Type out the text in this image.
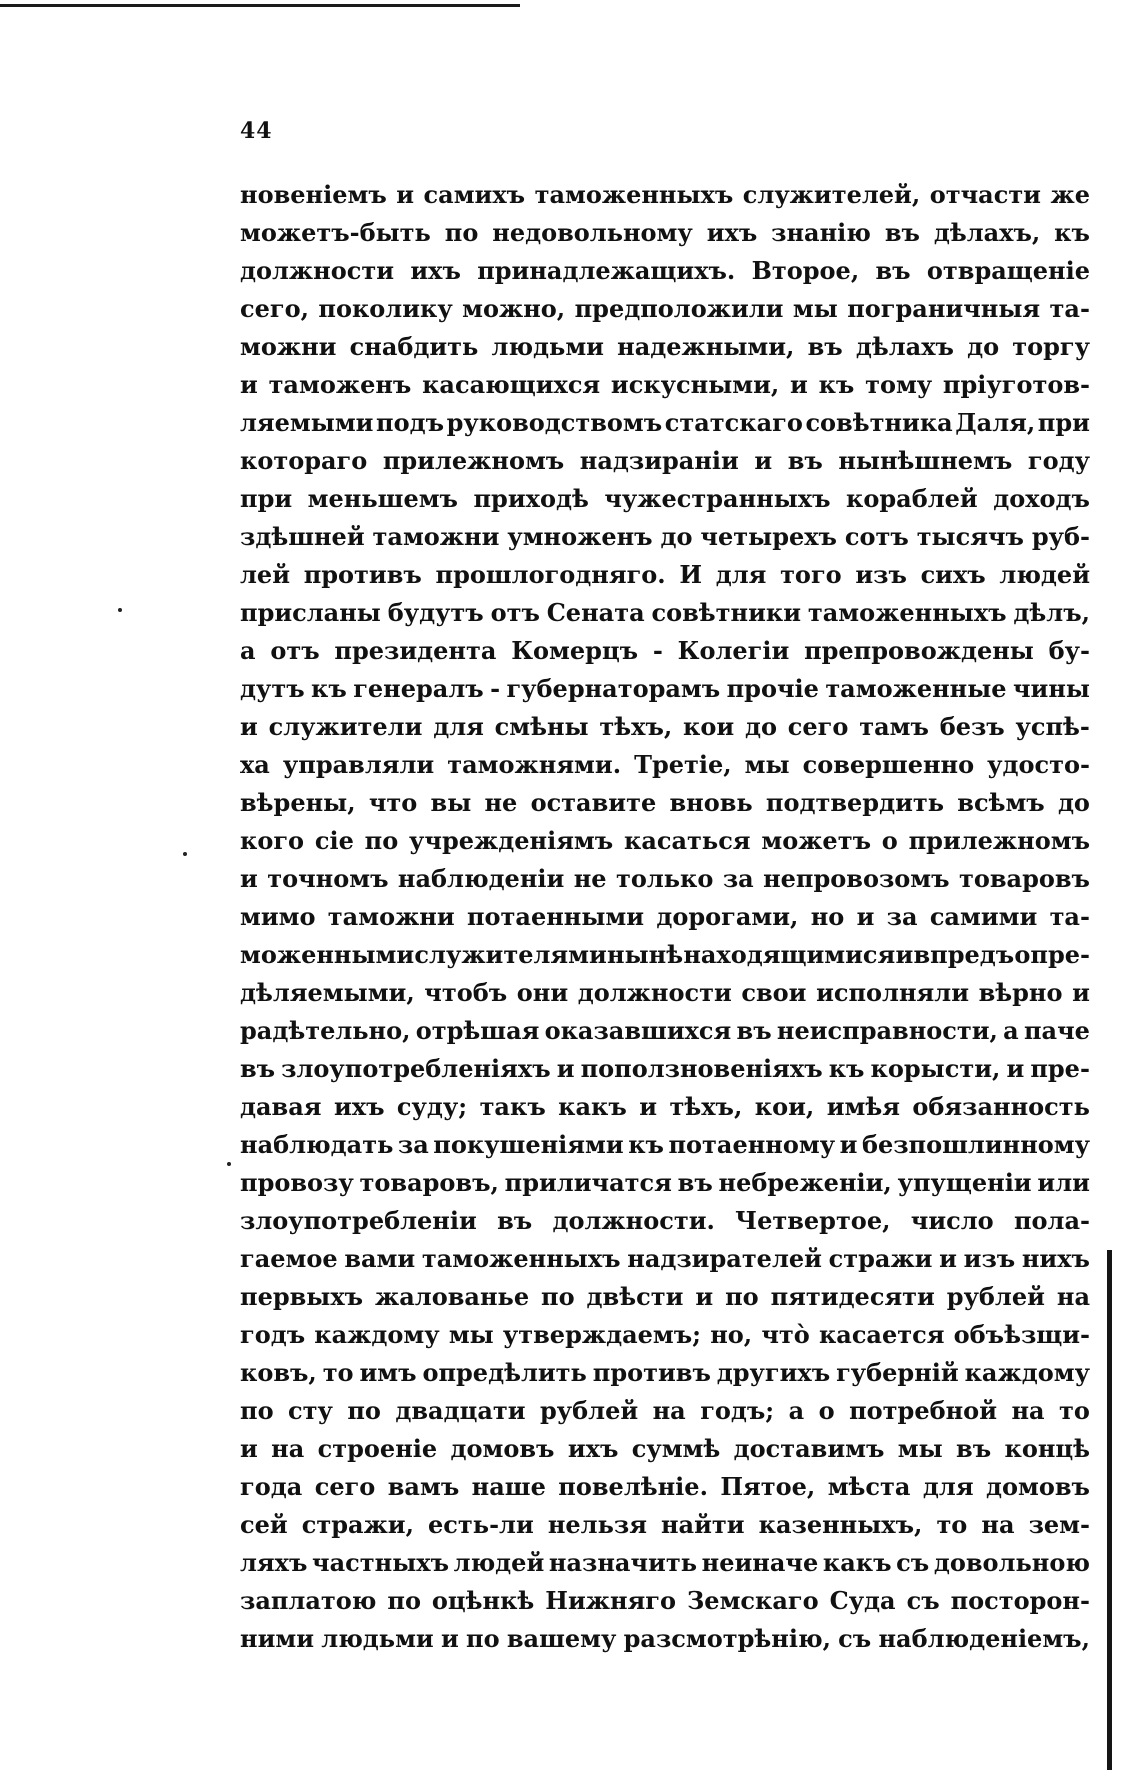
44
новенiемъ и самихъ таможенныхъ служителей, отчасти же
можетъ-быть по недовольному ихъ знанiю въ дѣлахъ, къ
должности ихъ принадлежащихъ. Второе, въ отвращенiе
сего, поколику можно, предположили мы пограничныя та-
можни снабдить людьми надежными, въ дѣлахъ до торгу
и таможенъ касающихся искусными, и къ тому прiуготов-
ляемыми подъ руководствомъ статскаго совѣтника Даля, при
котораго прилежномъ надзиранiи и въ нынѣшнемъ году
при меньшемъ приходѣ чужестранныхъ кораблей доходъ
здѣшней таможни умноженъ до четырехъ сотъ тысячъ руб-
лей противъ прошлогодняго. И для того изъ сихъ людей
присланы будутъ отъ Сената совѣтники таможенныхъ дѣлъ,
а отъ президента Комерцъ - Колегiи препровождены бу-
дутъ къ генералъ - губернаторамъ прочiе таможенные чины
и служители для смѣны тѣхъ, кои до сего тамъ безъ успѣ-
ха управляли таможнями. Третiе, мы совершенно удосто-
вѣрены, что вы не оставите вновь подтвердить всѣмъ до
кого сiе по учрежденiямъ касаться можетъ о прилежномъ
и точномъ наблюденiи не только за непровозомъ товаровъ
мимо таможни потаенными дорогами, но и за самими та-
моженными служителями нынѣ находящимися и впредъ опре-
дѣляемыми, чтобъ они должности свои исполняли вѣрно и
радѣтельно, отрѣшая оказавшихся въ неисправности, а паче
въ злоупотребленiяхъ и поползновенiяхъ къ корысти, и пре-
давая ихъ суду; такъ какъ и тѣхъ, кои, имѣя обязанность
наблюдать за покушенiями къ потаенному и безпошлинному
провозу товаровъ, приличатся въ небреженiи, упущенiи или
злоупотребленiи въ должности. Четвертое, число пола-
гаемое вами таможенныхъ надзирателей стражи и изъ нихъ
первыхъ жалованье по двѣсти и по пятидесяти рублей на
годъ каждому мы утверждаемъ; но, что̀ касается объѣзщи-
ковъ, то имъ опредѣлить противъ другихъ губернiй каждому
по сту по двадцати рублей на годъ; а о потребной на то
и на строенiе домовъ ихъ суммѣ доставимъ мы въ концѣ
года сего вамъ наше повелѣнiе. Пятое, мѣста для домовъ
сей стражи, есть-ли нельзя найти казенныхъ, то на зем-
ляхъ частныхъ людей назначить неиначе какъ съ довольною
заплатою по оцѣнкѣ Нижняго Земскаго Суда съ посторон-
ними людьми и по вашему разсмотрѣнiю, съ наблюденiемъ,
